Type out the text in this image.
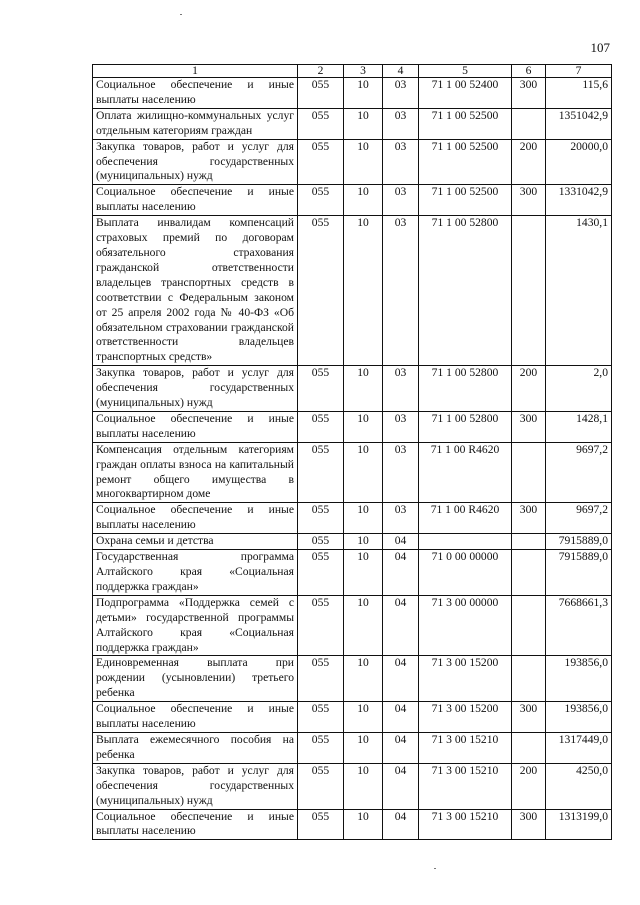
107
1	2	3	4	5	6	7
Социальное обеспечение и иные выплаты населению	055	10	03	71 1 00 52400	300	115,6
Оплата жилищно-коммунальных услуг отдельным категориям граждан	055	10	03	71 1 00 52500		1351042,9
Закупка товаров, работ и услуг для обеспечения государственных (муниципальных) нужд	055	10	03	71 1 00 52500	200	20000,0
Социальное обеспечение и иные выплаты населению	055	10	03	71 1 00 52500	300	1331042,9
Выплата инвалидам компенсаций страховых премий по договорам обязательного страхования гражданской ответственности владельцев транспортных средств в соответствии с Федеральным законом от 25 апреля 2002 года № 40-ФЗ «Об обязательном страховании гражданской ответственности владельцев транспортных средств»	055	10	03	71 1 00 52800		1430,1
Закупка товаров, работ и услуг для обеспечения государственных (муниципальных) нужд	055	10	03	71 1 00 52800	200	2,0
Социальное обеспечение и иные выплаты населению	055	10	03	71 1 00 52800	300	1428,1
Компенсация отдельным категориям граждан оплаты взноса на капитальный ремонт общего имущества в многоквартирном доме	055	10	03	71 1 00 R4620		9697,2
Социальное обеспечение и иные выплаты населению	055	10	03	71 1 00 R4620	300	9697,2
Охрана семьи и детства	055	10	04			7915889,0
Государственная программа Алтайского края «Социальная поддержка граждан»	055	10	04	71 0 00 00000		7915889,0
Подпрограмма «Поддержка семей с детьми» государственной программы Алтайского края «Социальная поддержка граждан»	055	10	04	71 3 00 00000		7668661,3
Единовременная выплата при рождении (усыновлении) третьего ребенка	055	10	04	71 3 00 15200		193856,0
Социальное обеспечение и иные выплаты населению	055	10	04	71 3 00 15200	300	193856,0
Выплата ежемесячного пособия на ребенка	055	10	04	71 3 00 15210		1317449,0
Закупка товаров, работ и услуг для обеспечения государственных (муниципальных) нужд	055	10	04	71 3 00 15210	200	4250,0
Социальное обеспечение и иные выплаты населению	055	10	04	71 3 00 15210	300	1313199,0
